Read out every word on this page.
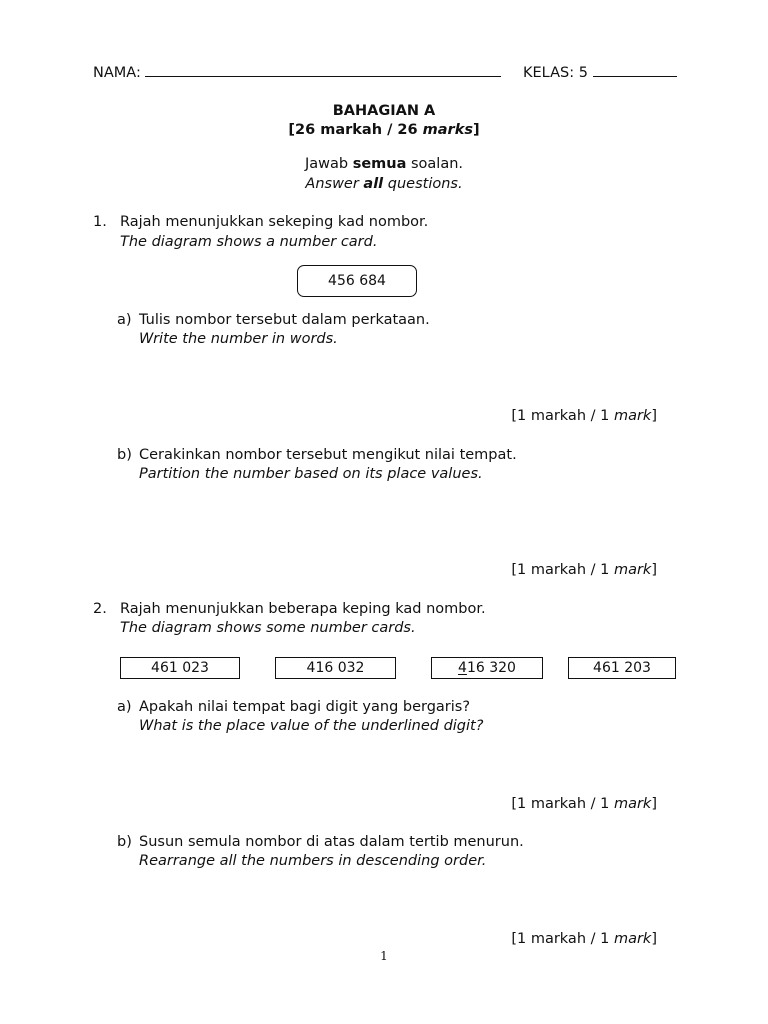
NAMA:	KELAS: 5
BAHAGIAN A
[26 markah / 26 marks]
Jawab semua soalan.
Answer all questions.
1. Rajah menunjukkan sekeping kad nombor.
The diagram shows a number card.
456 684
a) Tulis nombor tersebut dalam perkataan.
Write the number in words.
[1 markah / 1 mark]
b) Cerakinkan nombor tersebut mengikut nilai tempat.
Partition the number based on its place values.
[1 markah / 1 mark]
2. Rajah menunjukkan beberapa keping kad nombor.
The diagram shows some number cards.
461 023	416 032	416 320	461 203
a) Apakah nilai tempat bagi digit yang bergaris?
What is the place value of the underlined digit?
[1 markah / 1 mark]
b) Susun semula nombor di atas dalam tertib menurun.
Rearrange all the numbers in descending order.
[1 markah / 1 mark]
1
